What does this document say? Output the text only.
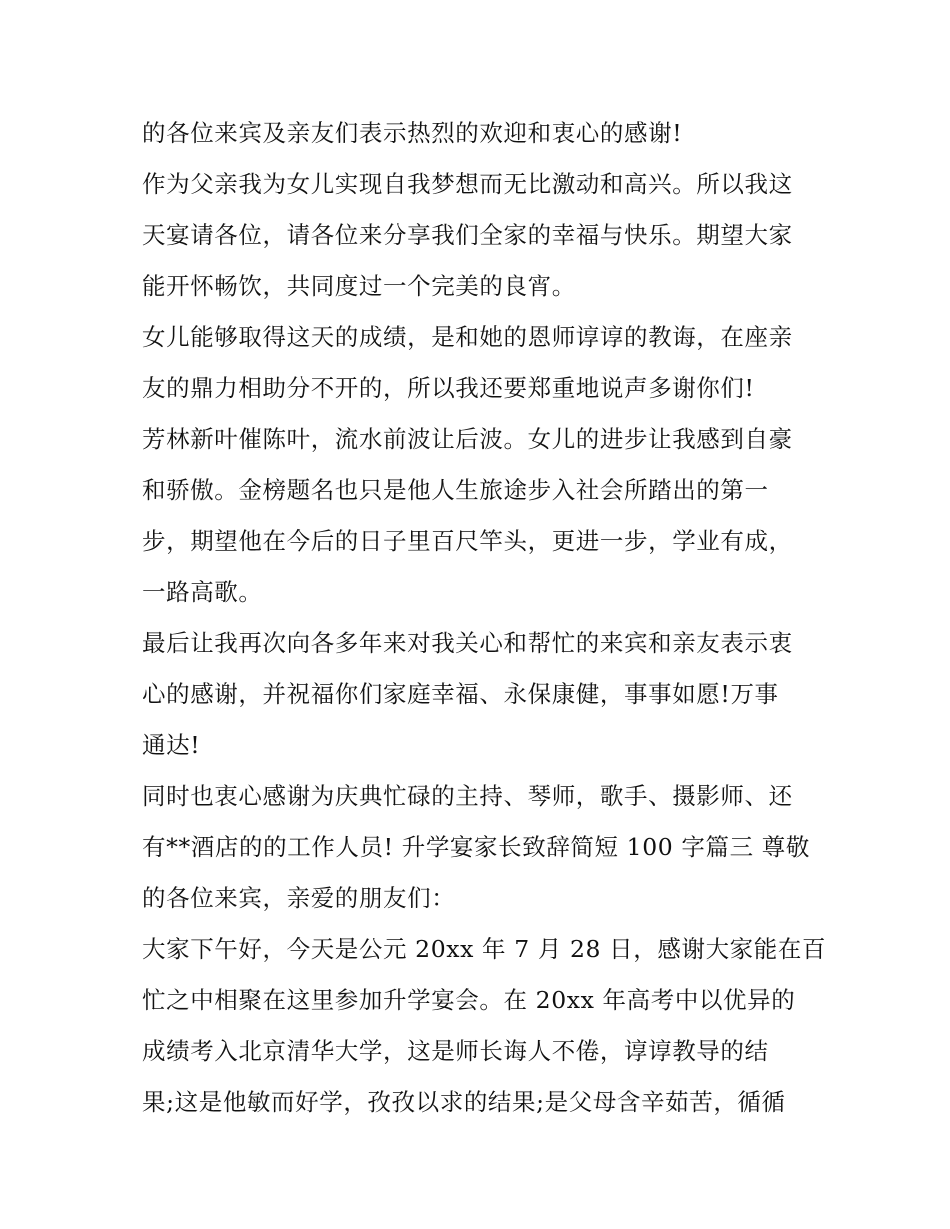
的各位来宾及亲友们表示热烈的欢迎和衷心的感谢!
作为父亲我为女儿实现自我梦想而无比激动和高兴。所以我这
天宴请各位，请各位来分享我们全家的幸福与快乐。期望大家
能开怀畅饮，共同度过一个完美的良宵。
女儿能够取得这天的成绩，是和她的恩师谆谆的教诲，在座亲
友的鼎力相助分不开的，所以我还要郑重地说声多谢你们!
芳林新叶催陈叶，流水前波让后波。女儿的进步让我感到自豪
和骄傲。金榜题名也只是他人生旅途步入社会所踏出的第一
步，期望他在今后的日子里百尺竿头，更进一步，学业有成，
一路高歌。
最后让我再次向各多年来对我关心和帮忙的来宾和亲友表示衷
心的感谢，并祝福你们家庭幸福、永保康健，事事如愿!万事
通达!
同时也衷心感谢为庆典忙碌的主持、琴师，歌手、摄影师、还
有**酒店的的工作人员! 升学宴家长致辞简短 100 字篇三 尊敬
的各位来宾，亲爱的朋友们：
大家下午好，今天是公元 20xx 年 7 月 28 日，感谢大家能在百
忙之中相聚在这里参加升学宴会。在 20xx 年高考中以优异的
成绩考入北京清华大学，这是师长诲人不倦，谆谆教导的结
果;这是他敏而好学，孜孜以求的结果;是父母含辛茹苦，循循
